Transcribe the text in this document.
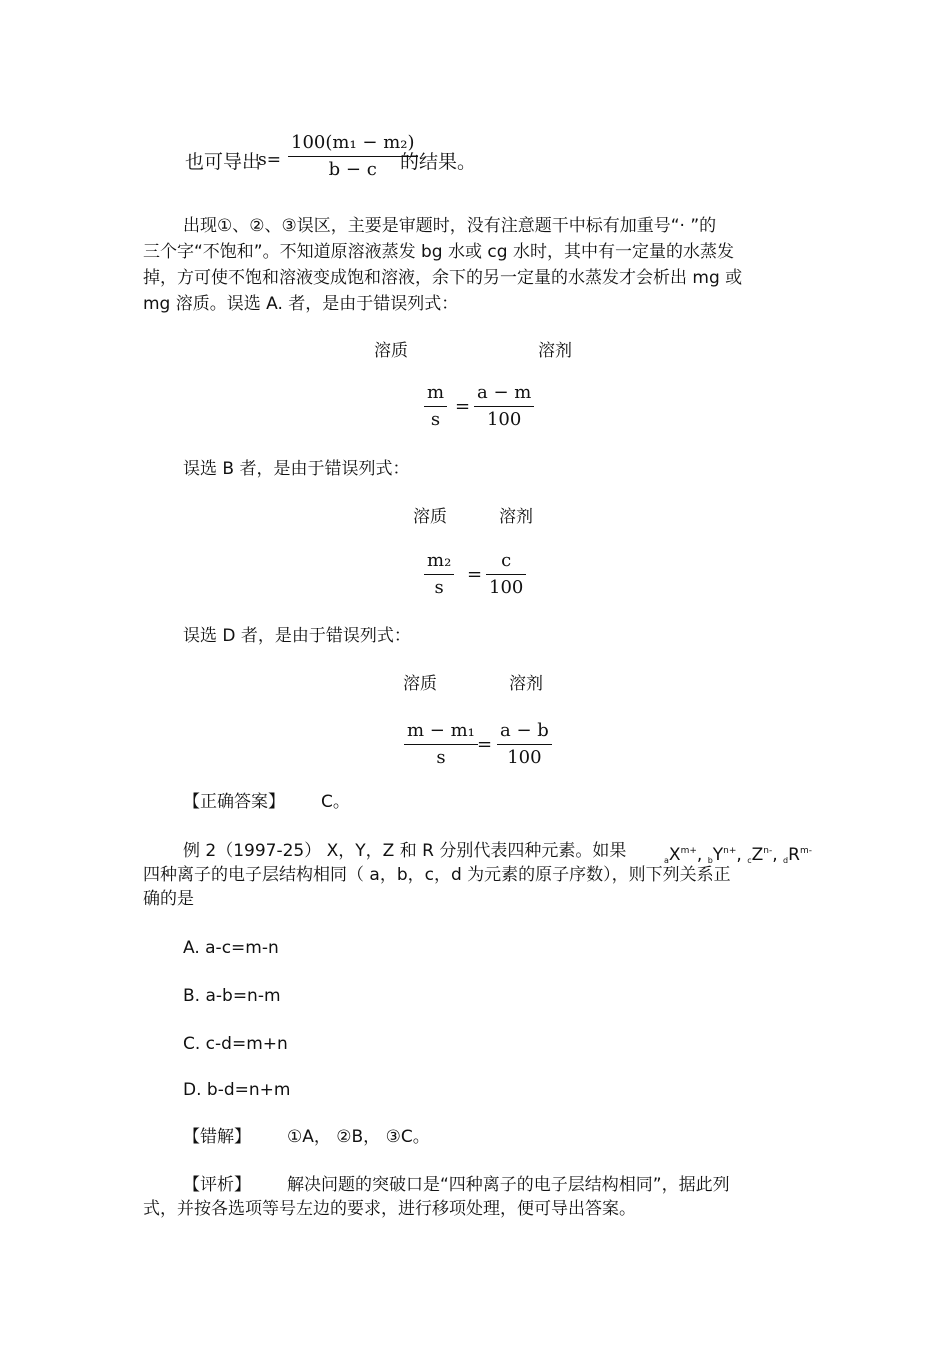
也可导出
s=
100(m₁ − m₂)
b − c 的结果。
出现①、②、③误区，主要是审题时，没有注意题干中标有加重号“· ”的
三个字“不饱和”。不知道原溶液蒸发 bg 水或 cg 水时，其中有一定量的水蒸发
掉，方可使不饱和溶液变成饱和溶液，余下的另一定量的水蒸发才会析出 mg 或
mg 溶质。误选 A. 者，是由于错误列式：
溶质	溶剂
m
s
=
a − m
100
误选 B 者，是由于错误列式：
溶质	溶剂
m₂
s
=
c
100
误选 D 者，是由于错误列式：
溶质	溶剂
m − m₁
s
=
a − b
100
【正确答案】 C。
例 2（1997-25） X，Y，Z 和 R 分别代表四种元素。如果	$aX^{m+}$, $bY^{n+}$, $cZ^{n-}$, $dR^{m-}$
四种离子的电子层结构相同（ a，b，c，d 为元素的原子序数），则下列关系正
确的是
A. a-c=m-n
B. a-b=n-m
C. c-d=m+n
D. b-d=n+m
【错解】 ①A， ②B， ③C。
【评析】 解决问题的突破口是“四种离子的电子层结构相同”，据此列
式，并按各选项等号左边的要求，进行移项处理，便可导出答案。
